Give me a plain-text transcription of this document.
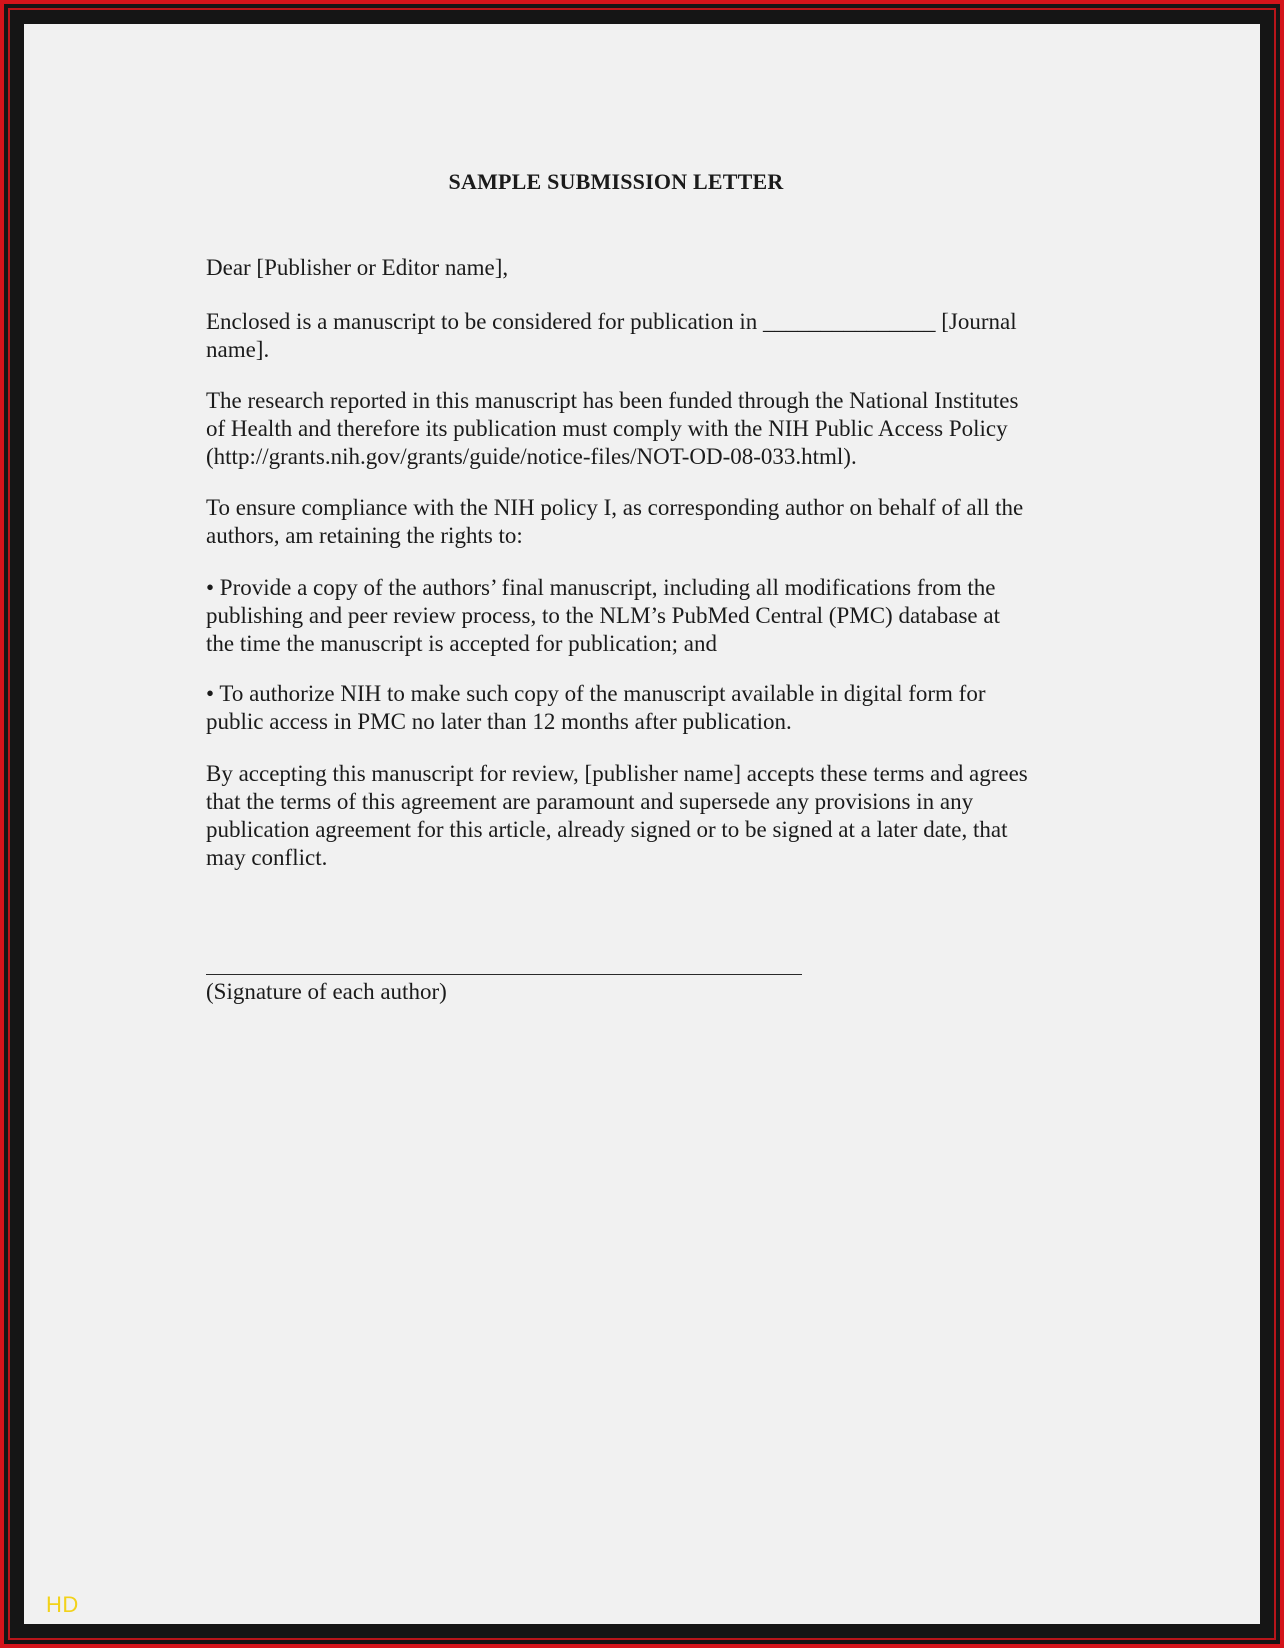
SAMPLE SUBMISSION LETTER

Dear [Publisher or Editor name],

Enclosed is a manuscript to be considered for publication in _______________ [Journal
name].

The research reported in this manuscript has been funded through the National Institutes
of Health and therefore its publication must comply with the NIH Public Access Policy
(http://grants.nih.gov/grants/guide/notice-files/NOT-OD-08-033.html).

To ensure compliance with the NIH policy I, as corresponding author on behalf of all the
authors, am retaining the rights to:

• Provide a copy of the authors’ final manuscript, including all modifications from the
publishing and peer review process, to the NLM’s PubMed Central (PMC) database at
the time the manuscript is accepted for publication; and

• To authorize NIH to make such copy of the manuscript available in digital form for
public access in PMC no later than 12 months after publication.

By accepting this manuscript for review, [publisher name] accepts these terms and agrees
that the terms of this agreement are paramount and supersede any provisions in any
publication agreement for this article, already signed or to be signed at a later date, that
may conflict.

(Signature of each author)

HD
